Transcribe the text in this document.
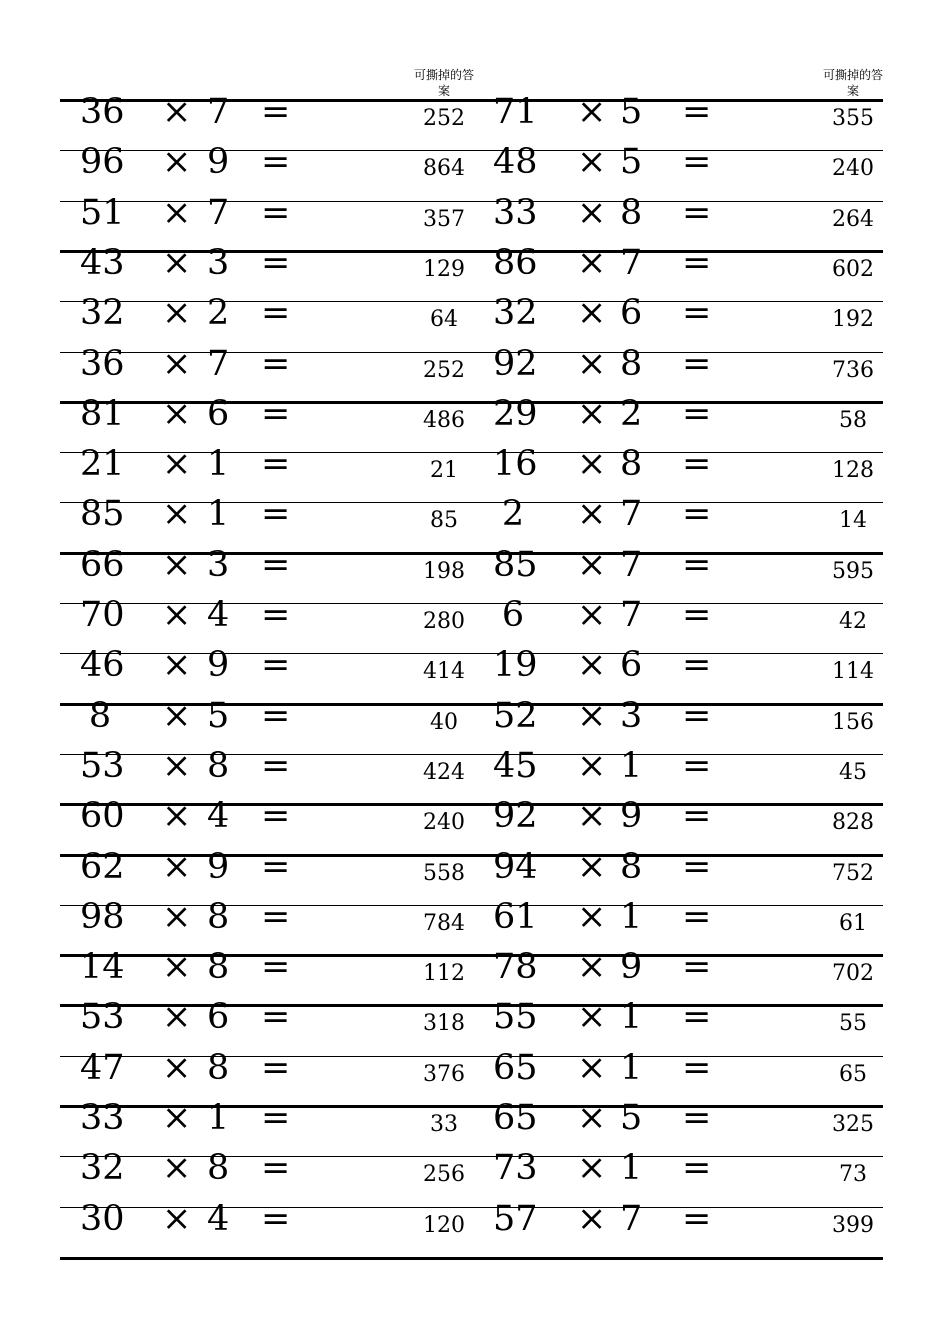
可撕掉的答案
可撕掉的答案
36 × 7 =	252 71 × 5 =	355
96 × 9 =	864 48 × 5 =	240
51 × 7 =	357 33 × 8 =	264
43 × 3 =	129 86 × 7 =	602
32 × 2 =	64	32 × 6 =	192
36 × 7 =	252 92 × 8 =	736
81 × 6 =	486 29 × 2 =	58
21 × 1 =	21	16 × 8 =	128
85 × 1 =	85	2 × 7 =	14
66 × 3 =	198 85 × 7 =	595
70 × 4 =	280 6 × 7 =	42
46 × 9 =	414 19 × 6 =	114
8 × 5 =	40	52 × 3 =	156
53 × 8 =	424 45 × 1 =	45
60 × 4 =	240 92 × 9 =	828
62 × 9 =	558 94 × 8 =	752
98 × 8 =	784 61 × 1 =	61
14 × 8 =	112 78 × 9 =	702
53 × 6 =	318 55 × 1 =	55
47 × 8 =	376 65 × 1 =	65
33 × 1 =	33	65 × 5 =	325
32 × 8 =	256 73 × 1 =	73
30 × 4 =	120 57 × 7 =	399
